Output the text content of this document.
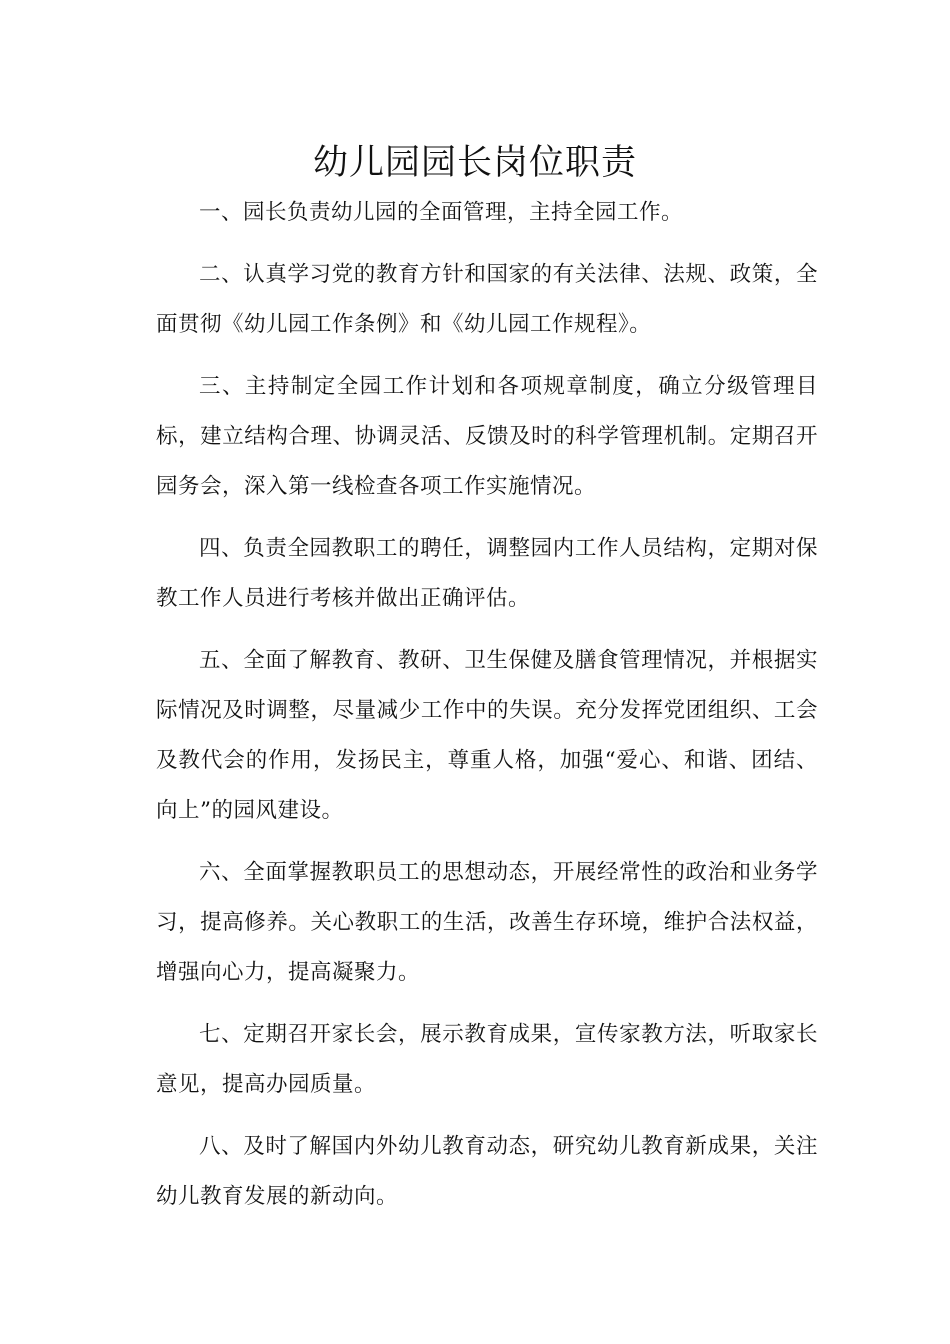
幼儿园园长岗位职责

一、园长负责幼儿园的全面管理，主持全园工作。

二、认真学习党的教育方针和国家的有关法律、法规、政策，全面贯彻《幼儿园工作条例》和《幼儿园工作规程》。

三、主持制定全园工作计划和各项规章制度，确立分级管理目标，建立结构合理、协调灵活、反馈及时的科学管理机制。定期召开园务会，深入第一线检查各项工作实施情况。

四、负责全园教职工的聘任，调整园内工作人员结构，定期对保教工作人员进行考核并做出正确评估。

五、全面了解教育、教研、卫生保健及膳食管理情况，并根据实际情况及时调整，尽量减少工作中的失误。充分发挥党团组织、工会及教代会的作用，发扬民主，尊重人格，加强“爱心、和谐、团结、向上”的园风建设。

六、全面掌握教职员工的思想动态，开展经常性的政治和业务学习，提高修养。关心教职工的生活，改善生存环境，维护合法权益，增强向心力，提高凝聚力。

七、定期召开家长会，展示教育成果，宣传家教方法，听取家长意见，提高办园质量。

八、及时了解国内外幼儿教育动态，研究幼儿教育新成果，关注幼儿教育发展的新动向。
